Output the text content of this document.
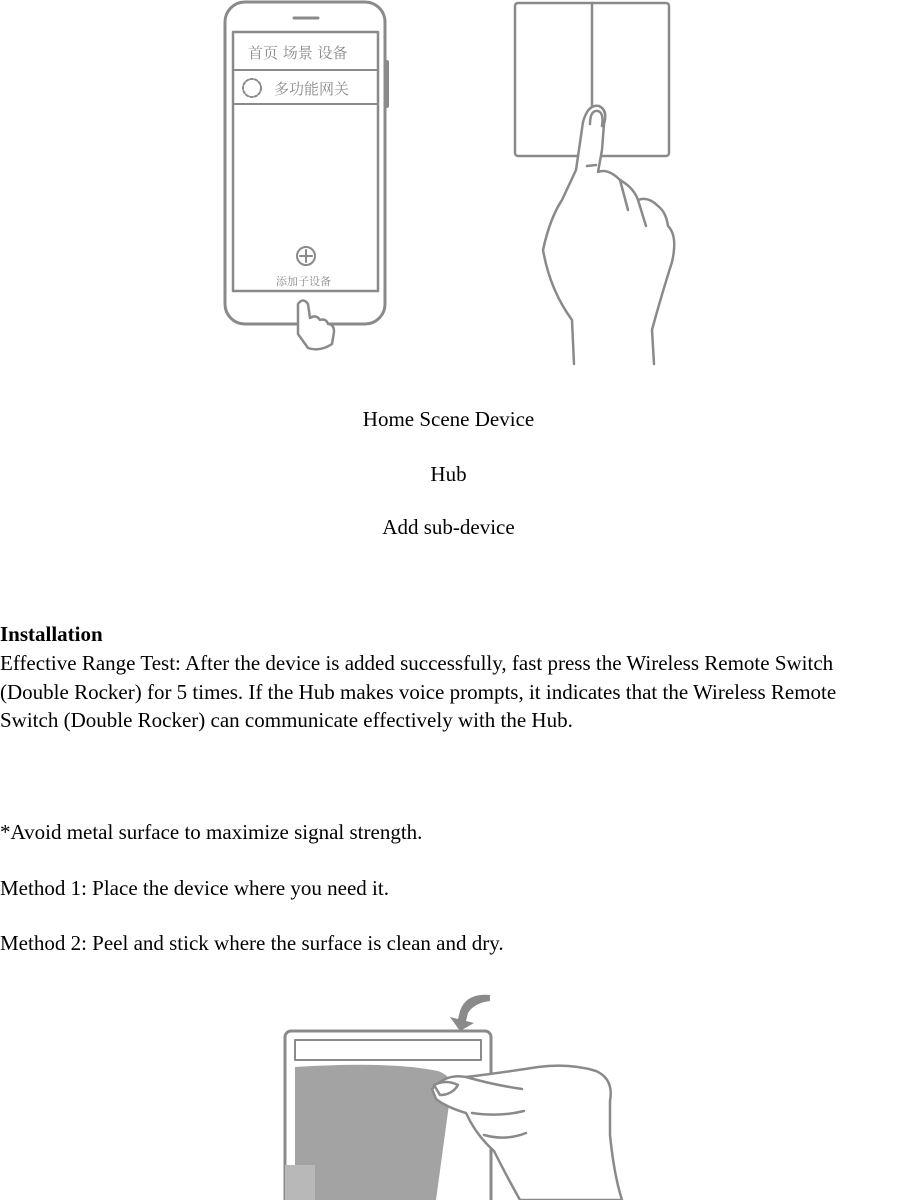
首页 场景 设备
多功能网关
添加子设备
Home Scene Device
Hub
Add sub-device
Installation
Effective Range Test: After the device is added successfully, fast press the Wireless Remote Switch (Double Rocker) for 5 times. If the Hub makes voice prompts, it indicates that the Wireless Remote Switch (Double Rocker) can communicate effectively with the Hub.
*Avoid metal surface to maximize signal strength.
Method 1: Place the device where you need it.
Method 2: Peel and stick where the surface is clean and dry.
